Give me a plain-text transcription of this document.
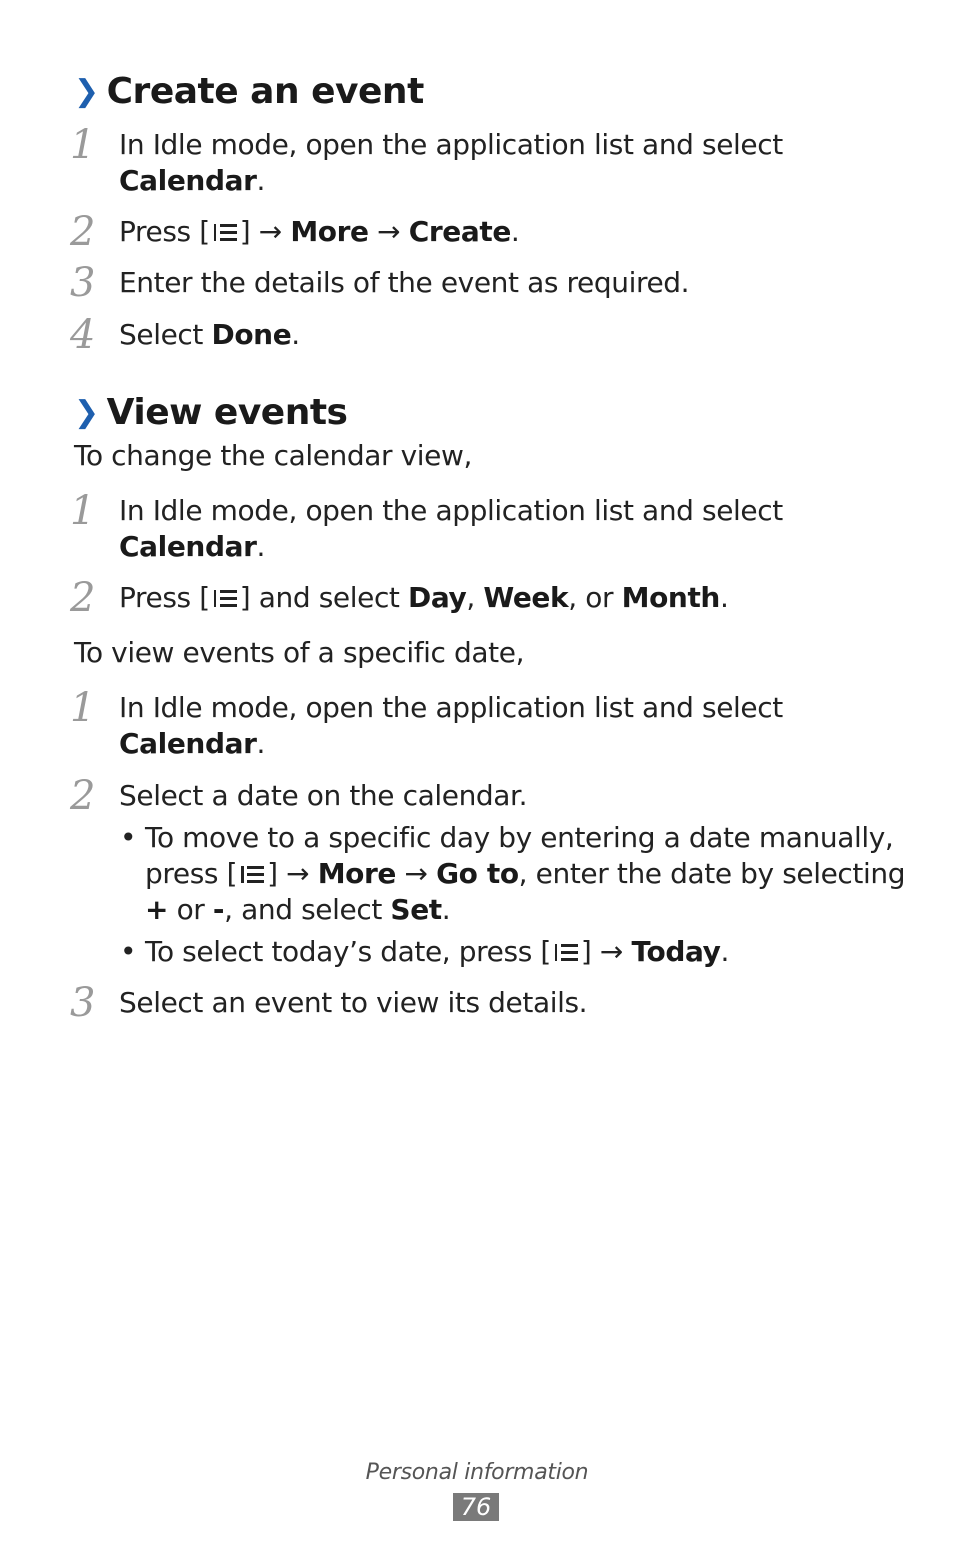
❯ Create an event
1 In Idle mode, open the application list and select
Calendar.
2 Press [ ] → More → Create.
3 Enter the details of the event as required.
4 Select Done.
❯ View events

To change the calendar view,

1 In Idle mode, open the application list and select
Calendar.
2 Press [ ] and select Day, Week, or Month.

To view events of a specific date,

1 In Idle mode, open the application list and select
Calendar.
2 Select a date on the calendar.
• To move to a specific day by entering a date manually,
press [ ] → More → Go to, enter the date by selecting
+ or -, and select Set.
• To select today’s date, press [ ] → Today.
3 Select an event to view its details.
Personal information
76
